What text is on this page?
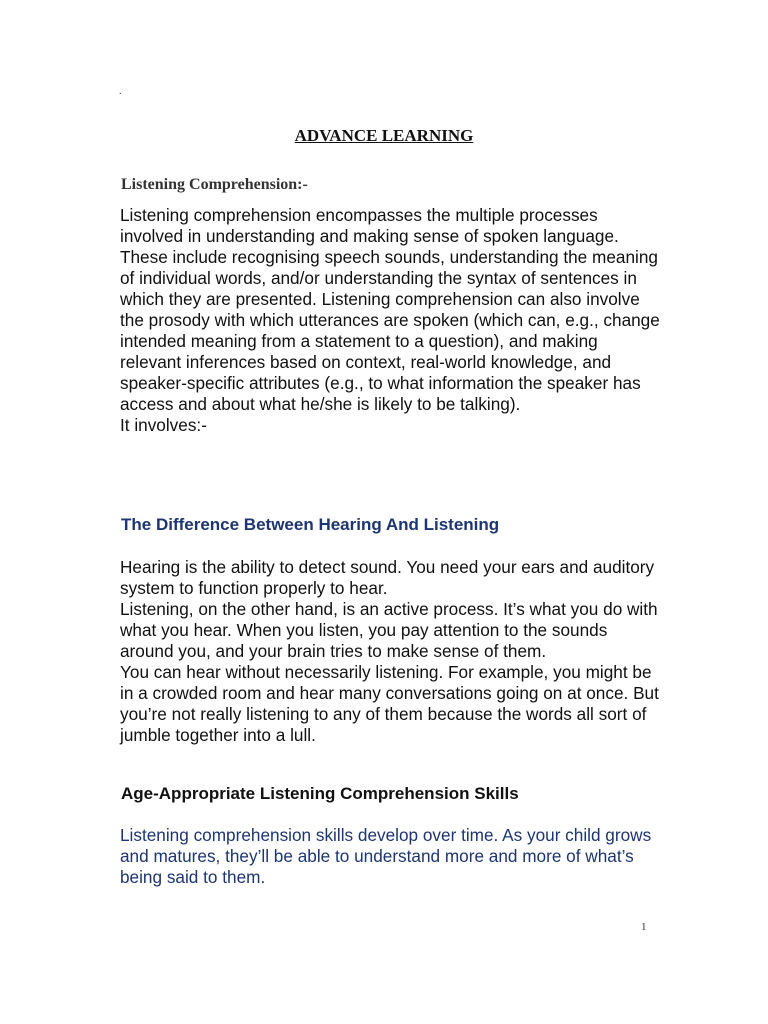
.
ADVANCE LEARNING
Listening Comprehension:-

Listening comprehension encompasses the multiple processes involved in understanding and making sense of spoken language.

These include recognising speech sounds, understanding the meaning of individual words, and/or understanding the syntax of sentences in which they are presented. Listening comprehension can also involve the prosody with which utterances are spoken (which can, e.g., change intended meaning from a statement to a question), and making relevant inferences based on context, real-world knowledge, and speaker-specific attributes (e.g., to what information the speaker has access and about what he/she is likely to be talking).

It involves:-

The Difference Between Hearing And Listening

Hearing is the ability to detect sound. You need your ears and auditory system to function properly to hear.

Listening, on the other hand, is an active process. It’s what you do with what you hear. When you listen, you pay attention to the sounds around you, and your brain tries to make sense of them.

You can hear without necessarily listening. For example, you might be in a crowded room and hear many conversations going on at once. But you’re not really listening to any of them because the words all sort of jumble together into a lull.

Age-Appropriate Listening Comprehension Skills

Listening comprehension skills develop over time. As your child grows and matures, they’ll be able to understand more and more of what’s being said to them.

1
